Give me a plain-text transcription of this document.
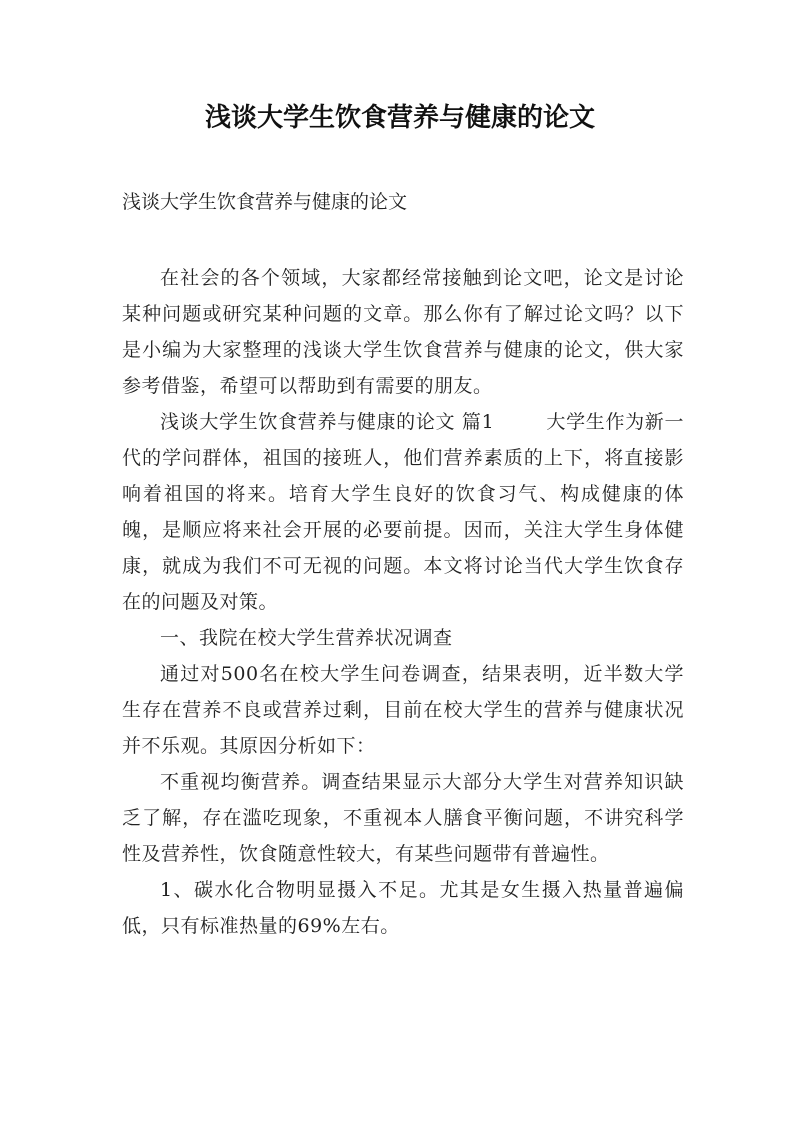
浅谈大学生饮食营养与健康的论文

浅谈大学生饮食营养与健康的论文

在社会的各个领域，大家都经常接触到论文吧，论文是讨论某种问题或研究某种问题的文章。那么你有了解过论文吗？以下是小编为大家整理的浅谈大学生饮食营养与健康的论文，供大家参考借鉴，希望可以帮助到有需要的朋友。

浅谈大学生饮食营养与健康的论文 篇1	大学生作为新一代的学问群体，祖国的接班人，他们营养素质的上下，将直接影响着祖国的将来。培育大学生良好的饮食习气、构成健康的体魄，是顺应将来社会开展的必要前提。因而，关注大学生身体健康，就成为我们不可无视的问题。本文将讨论当代大学生饮食存在的问题及对策。

一、我院在校大学生营养状况调查

通过对500名在校大学生问卷调查，结果表明，近半数大学生存在营养不良或营养过剩，目前在校大学生的营养与健康状况并不乐观。其原因分析如下：

不重视均衡营养。调查结果显示大部分大学生对营养知识缺乏了解，存在滥吃现象，不重视本人膳食平衡问题，不讲究科学性及营养性，饮食随意性较大，有某些问题带有普遍性。

1、碳水化合物明显摄入不足。尤其是女生摄入热量普遍偏低，只有标准热量的69%左右。
